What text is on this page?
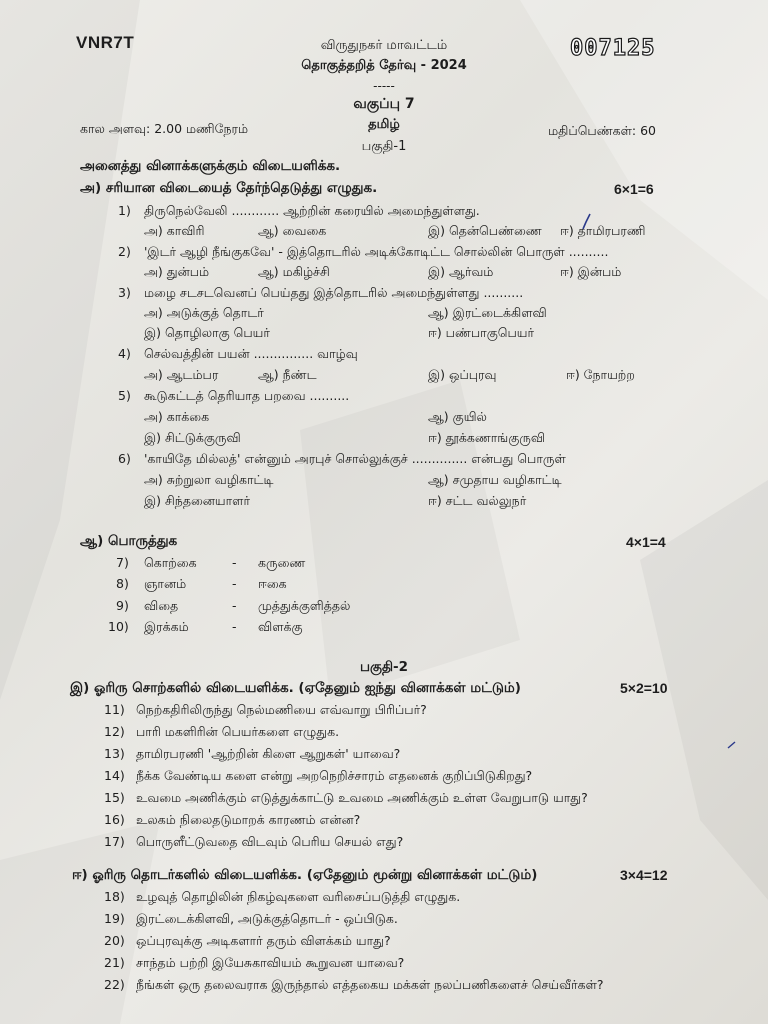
VNR7T	007125
விருதுநகர் மாவட்டம்
தொகுத்தறித் தேர்வு - 2024
-----
வகுப்பு 7
தமிழ்
கால அளவு: 2.00 மணிநேரம்	மதிப்பெண்கள்: 60
பகுதி-1
அனைத்து வினாக்களுக்கும் விடையளிக்க.
அ) சரியான விடையைத் தேர்ந்தெடுத்து எழுதுக.	6×1=6
1) திருநெல்வேலி ............ ஆற்றின் கரையில் அமைந்துள்ளது.
அ) காவிரி	ஆ) வைகை	இ) தென்பெண்ணை ஈ) தாமிரபரணி
2) 'இடர் ஆழி நீங்குகவே' - இத்தொடரில் அடிக்கோடிட்ட சொல்லின் பொருள் ..........
அ) துன்பம்	ஆ) மகிழ்ச்சி	இ) ஆர்வம்	ஈ) இன்பம்
3) மழை சடசடவெனப் பெய்தது இத்தொடரில் அமைந்துள்ளது ..........
அ) அடுக்குத் தொடர்	ஆ) இரட்டைக்கிளவி
இ) தொழிலாகு பெயர்	ஈ) பண்பாகுபெயர்
4) செல்வத்தின் பயன் ............... வாழ்வு
அ) ஆடம்பர	ஆ) நீண்ட	இ) ஒப்புரவு	ஈ) நோயற்ற
5) கூடுகட்டத் தெரியாத பறவை ..........
அ) காக்கை	ஆ) குயில்
இ) சிட்டுக்குருவி	ஈ) தூக்கணாங்குருவி
6) 'காயிதே மில்லத்' என்னும் அரபுச் சொல்லுக்குச் .............. என்பது பொருள்
அ) சுற்றுலா வழிகாட்டி	ஆ) சமுதாய வழிகாட்டி
இ) சிந்தனையாளர்	ஈ) சட்ட வல்லுநர்
ஆ) பொருத்துக	4×1=4
7) கொற்கை	- கருணை
8) ஞானம்	- ஈகை
9) விதை	- முத்துக்குளித்தல்
10) இரக்கம்	- விளக்கு
பகுதி-2
இ) ஓரிரு சொற்களில் விடையளிக்க. (ஏதேனும் ஐந்து வினாக்கள் மட்டும்)	5×2=10
11) நெற்கதிரிலிருந்து நெல்மணியை எவ்வாறு பிரிப்பர்?
12) பாரி மகளிரின் பெயர்களை எழுதுக.
13) தாமிரபரணி 'ஆற்றின் கிளை ஆறுகள்' யாவை?
14) நீக்க வேண்டிய களை என்று அறநெறிச்சாரம் எதனைக் குறிப்பிடுகிறது?
15) உவமை அணிக்கும் எடுத்துக்காட்டு உவமை அணிக்கும் உள்ள வேறுபாடு யாது?
16) உலகம் நிலைதடுமாறக் காரணம் என்ன?
17) பொருளீட்டுவதை விடவும் பெரிய செயல் எது?
ஈ) ஓரிரு தொடர்களில் விடையளிக்க. (ஏதேனும் மூன்று வினாக்கள் மட்டும்)	3×4=12
18) உழவுத் தொழிலின் நிகழ்வுகளை வரிசைப்படுத்தி எழுதுக.
19) இரட்டைக்கிளவி, அடுக்குத்தொடர் - ஒப்பிடுக.
20) ஒப்புரவுக்கு அடிகளார் தரும் விளக்கம் யாது?
21) சாந்தம் பற்றி இயேசுகாவியம் கூறுவன யாவை?
22) நீங்கள் ஒரு தலைவராக இருந்தால் எத்தகைய மக்கள் நலப்பணிகளைச் செய்வீர்கள்?
